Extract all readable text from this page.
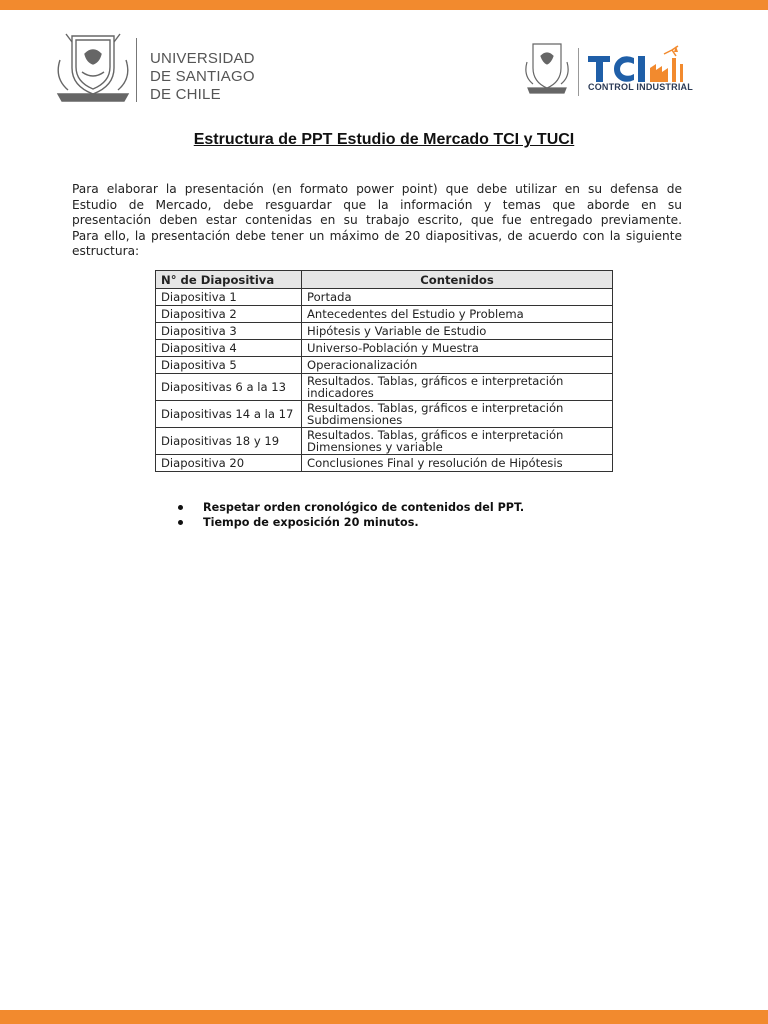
UNIVERSIDAD
DE SANTIAGO
DE CHILE	CONTROL INDUSTRIAL
Estructura de PPT Estudio de Mercado TCI y TUCI
Para elaborar la presentación (en formato power point) que debe utilizar en su defensa de
Estudio de Mercado, debe resguardar que la información y temas que aborde en su
presentación deben estar contenidas en su trabajo escrito, que fue entregado previamente.
Para ello, la presentación debe tener un máximo de 20 diapositivas, de acuerdo con la siguiente
estructura:
N° de Diapositiva	Contenidos
Diapositiva 1	Portada
Diapositiva 2	Antecedentes del Estudio y Problema
Diapositiva 3	Hipótesis y Variable de Estudio
Diapositiva 4	Universo-Población y Muestra
Diapositiva 5	Operacionalización
Diapositivas 6 a la 13	Resultados. Tablas, gráficos e interpretación indicadores
Diapositivas 14 a la 17	Resultados. Tablas, gráficos e interpretación Subdimensiones
Diapositivas 18 y 19	Resultados. Tablas, gráficos e interpretación Dimensiones y variable
Diapositiva 20	Conclusiones Final y resolución de Hipótesis
Respetar orden cronológico de contenidos del PPT.
Tiempo de exposición 20 minutos.
